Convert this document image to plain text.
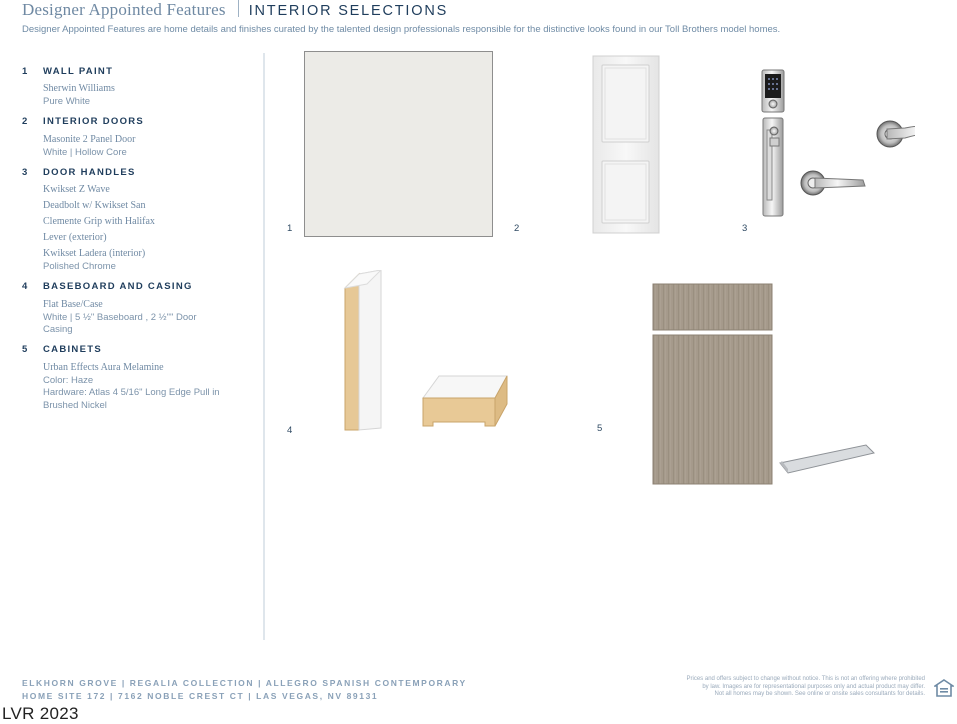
Designer Appointed Features INTERIOR SELECTIONS
Designer Appointed Features are home details and finishes curated by the talented design professionals responsible for the distinctive looks found in our Toll Brothers model homes.
1	WALL PAINT
Sherwin Williams
Pure White
2	INTERIOR DOORS
Masonite 2 Panel Door
White | Hollow Core
3	DOOR HANDLES
Kwikset Z Wave
Deadbolt w/ Kwikset San
Clemente Grip with Halifax
Lever (exterior)
Kwikset Ladera (interior)
Polished Chrome
4	BASEBOARD AND CASING
Flat Base/Case
White | 5 ½" Baseboard , 2 ½"" Door
Casing
5	CABINETS
Urban Effects Aura Melamine
Color: Haze
Hardware: Atlas 4 5/16" Long Edge Pull in
Brushed Nickel
1	2	3
4	5
ELKHORN GROVE | REGALIA COLLECTION | ALLEGRO SPANISH CONTEMPORARY
HOME SITE 172 | 7162 NOBLE CREST CT | LAS VEGAS, NV 89131
Prices and offers subject to change without notice. This is not an offering where prohibited
by law. Images are for representational purposes only and actual product may differ.
Not all homes may be shown. See online or onsite sales consultants for details.
LVR 2023
